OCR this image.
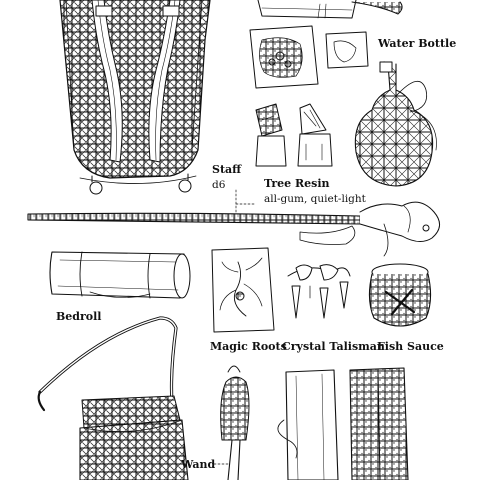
Water Bottle
Staff
d6	Tree Resin
all-gum, quiet-light
Bedroll
Magic Roots
Crystal Talisman
Fish Sauce
Wand
